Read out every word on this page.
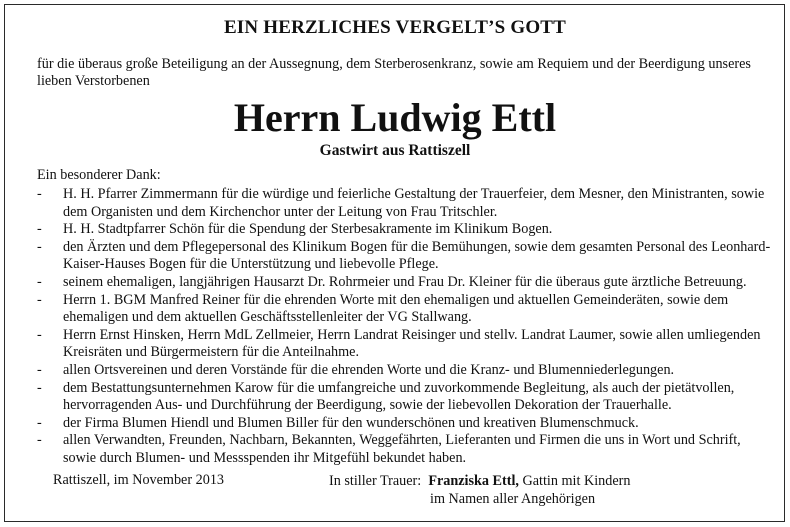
EIN HERZLICHES VERGELT’S GOTT
für die überaus große Beteiligung an der Aussegnung, dem Sterberosenkranz, sowie am Requiem und der Beerdigung unseres lieben Verstorbenen
Herrn Ludwig Ettl
Gastwirt aus Rattiszell
Ein besonderer Dank:
- H. H. Pfarrer Zimmermann für die würdige und feierliche Gestaltung der Trauerfeier, dem Mesner, den Ministranten, sowie dem Organisten und dem Kirchenchor unter der Leitung von Frau Tritschler.
- H. H. Stadtpfarrer Schön für die Spendung der Sterbesakramente im Klinikum Bogen.
- den Ärzten und dem Pflegepersonal des Klinikum Bogen für die Bemühungen, sowie dem gesamten Personal des Leonhard-Kaiser-Hauses Bogen für die Unterstützung und liebevolle Pflege.
- seinem ehemaligen, langjährigen Hausarzt Dr. Rohrmeier und Frau Dr. Kleiner für die überaus gute ärztliche Betreuung.
- Herrn 1. BGM Manfred Reiner für die ehrenden Worte mit den ehemaligen und aktuellen Gemeinderäten, sowie dem ehemaligen und dem aktuellen Geschäftsstellenleiter der VG Stallwang.
- Herrn Ernst Hinsken, Herrn MdL Zellmeier, Herrn Landrat Reisinger und stellv. Landrat Laumer, sowie allen umliegenden Kreisräten und Bürgermeistern für die Anteilnahme.
- allen Ortsvereinen und deren Vorstände für die ehrenden Worte und die Kranz- und Blumenniederlegungen.
- dem Bestattungsunternehmen Karow für die umfangreiche und zuvorkommende Begleitung, als auch der pietätvollen, hervorragenden Aus- und Durchführung der Beerdigung, sowie der liebevollen Dekoration der Trauerhalle.
- der Firma Blumen Hiendl und Blumen Biller für den wunderschönen und kreativen Blumenschmuck.
- allen Verwandten, Freunden, Nachbarn, Bekannten, Weggefährten, Lieferanten und Firmen die uns in Wort und Schrift, sowie durch Blumen- und Messspenden ihr Mitgefühl bekundet haben.
Rattiszell, im November 2013	In stiller Trauer: Franziska Ettl, Gattin mit Kindern
im Namen aller Angehörigen
